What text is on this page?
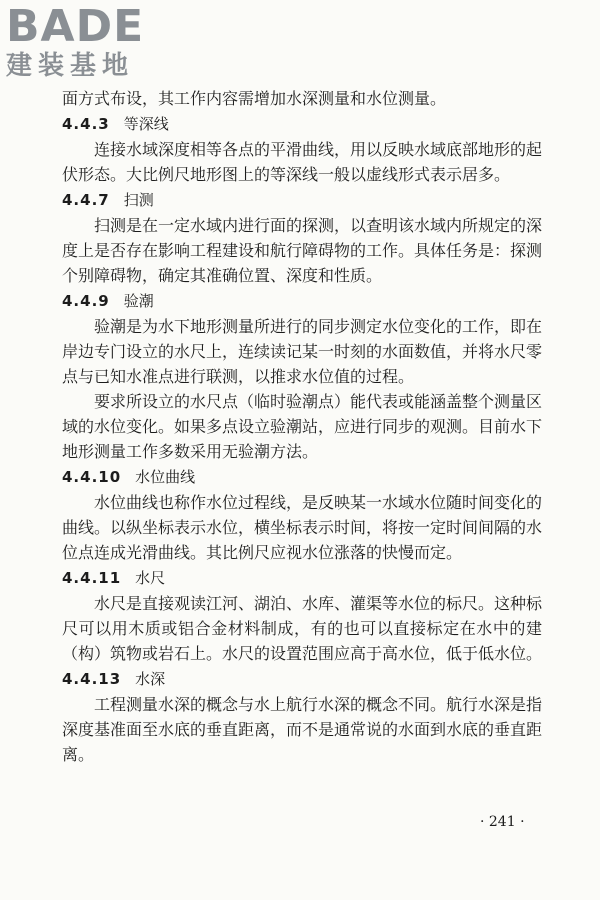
BADE
建装基地

面方式布设，其工作内容需增加水深测量和水位测量。

4.4.3 等深线

连接水域深度相等各点的平滑曲线，用以反映水域底部地形的起伏形态。大比例尺地形图上的等深线一般以虚线形式表示居多。

4.4.7 扫测

扫测是在一定水域内进行面的探测，以查明该水域内所规定的深度上是否存在影响工程建设和航行障碍物的工作。具体任务是：探测个别障碍物，确定其准确位置、深度和性质。

4.4.9 验潮

验潮是为水下地形测量所进行的同步测定水位变化的工作，即在岸边专门设立的水尺上，连续读记某一时刻的水面数值，并将水尺零点与已知水准点进行联测，以推求水位值的过程。

要求所设立的水尺点（临时验潮点）能代表或能涵盖整个测量区域的水位变化。如果多点设立验潮站，应进行同步的观测。目前水下地形测量工作多数采用无验潮方法。

4.4.10 水位曲线

水位曲线也称作水位过程线，是反映某一水域水位随时间变化的曲线。以纵坐标表示水位，横坐标表示时间，将按一定时间间隔的水位点连成光滑曲线。其比例尺应视水位涨落的快慢而定。

4.4.11 水尺

水尺是直接观读江河、湖泊、水库、灌渠等水位的标尺。这种标尺可以用木质或铝合金材料制成，有的也可以直接标定在水中的建（构）筑物或岩石上。水尺的设置范围应高于高水位，低于低水位。

4.4.13 水深

工程测量水深的概念与水上航行水深的概念不同。航行水深是指深度基准面至水底的垂直距离，而不是通常说的水面到水底的垂直距离。

· 241 ·
